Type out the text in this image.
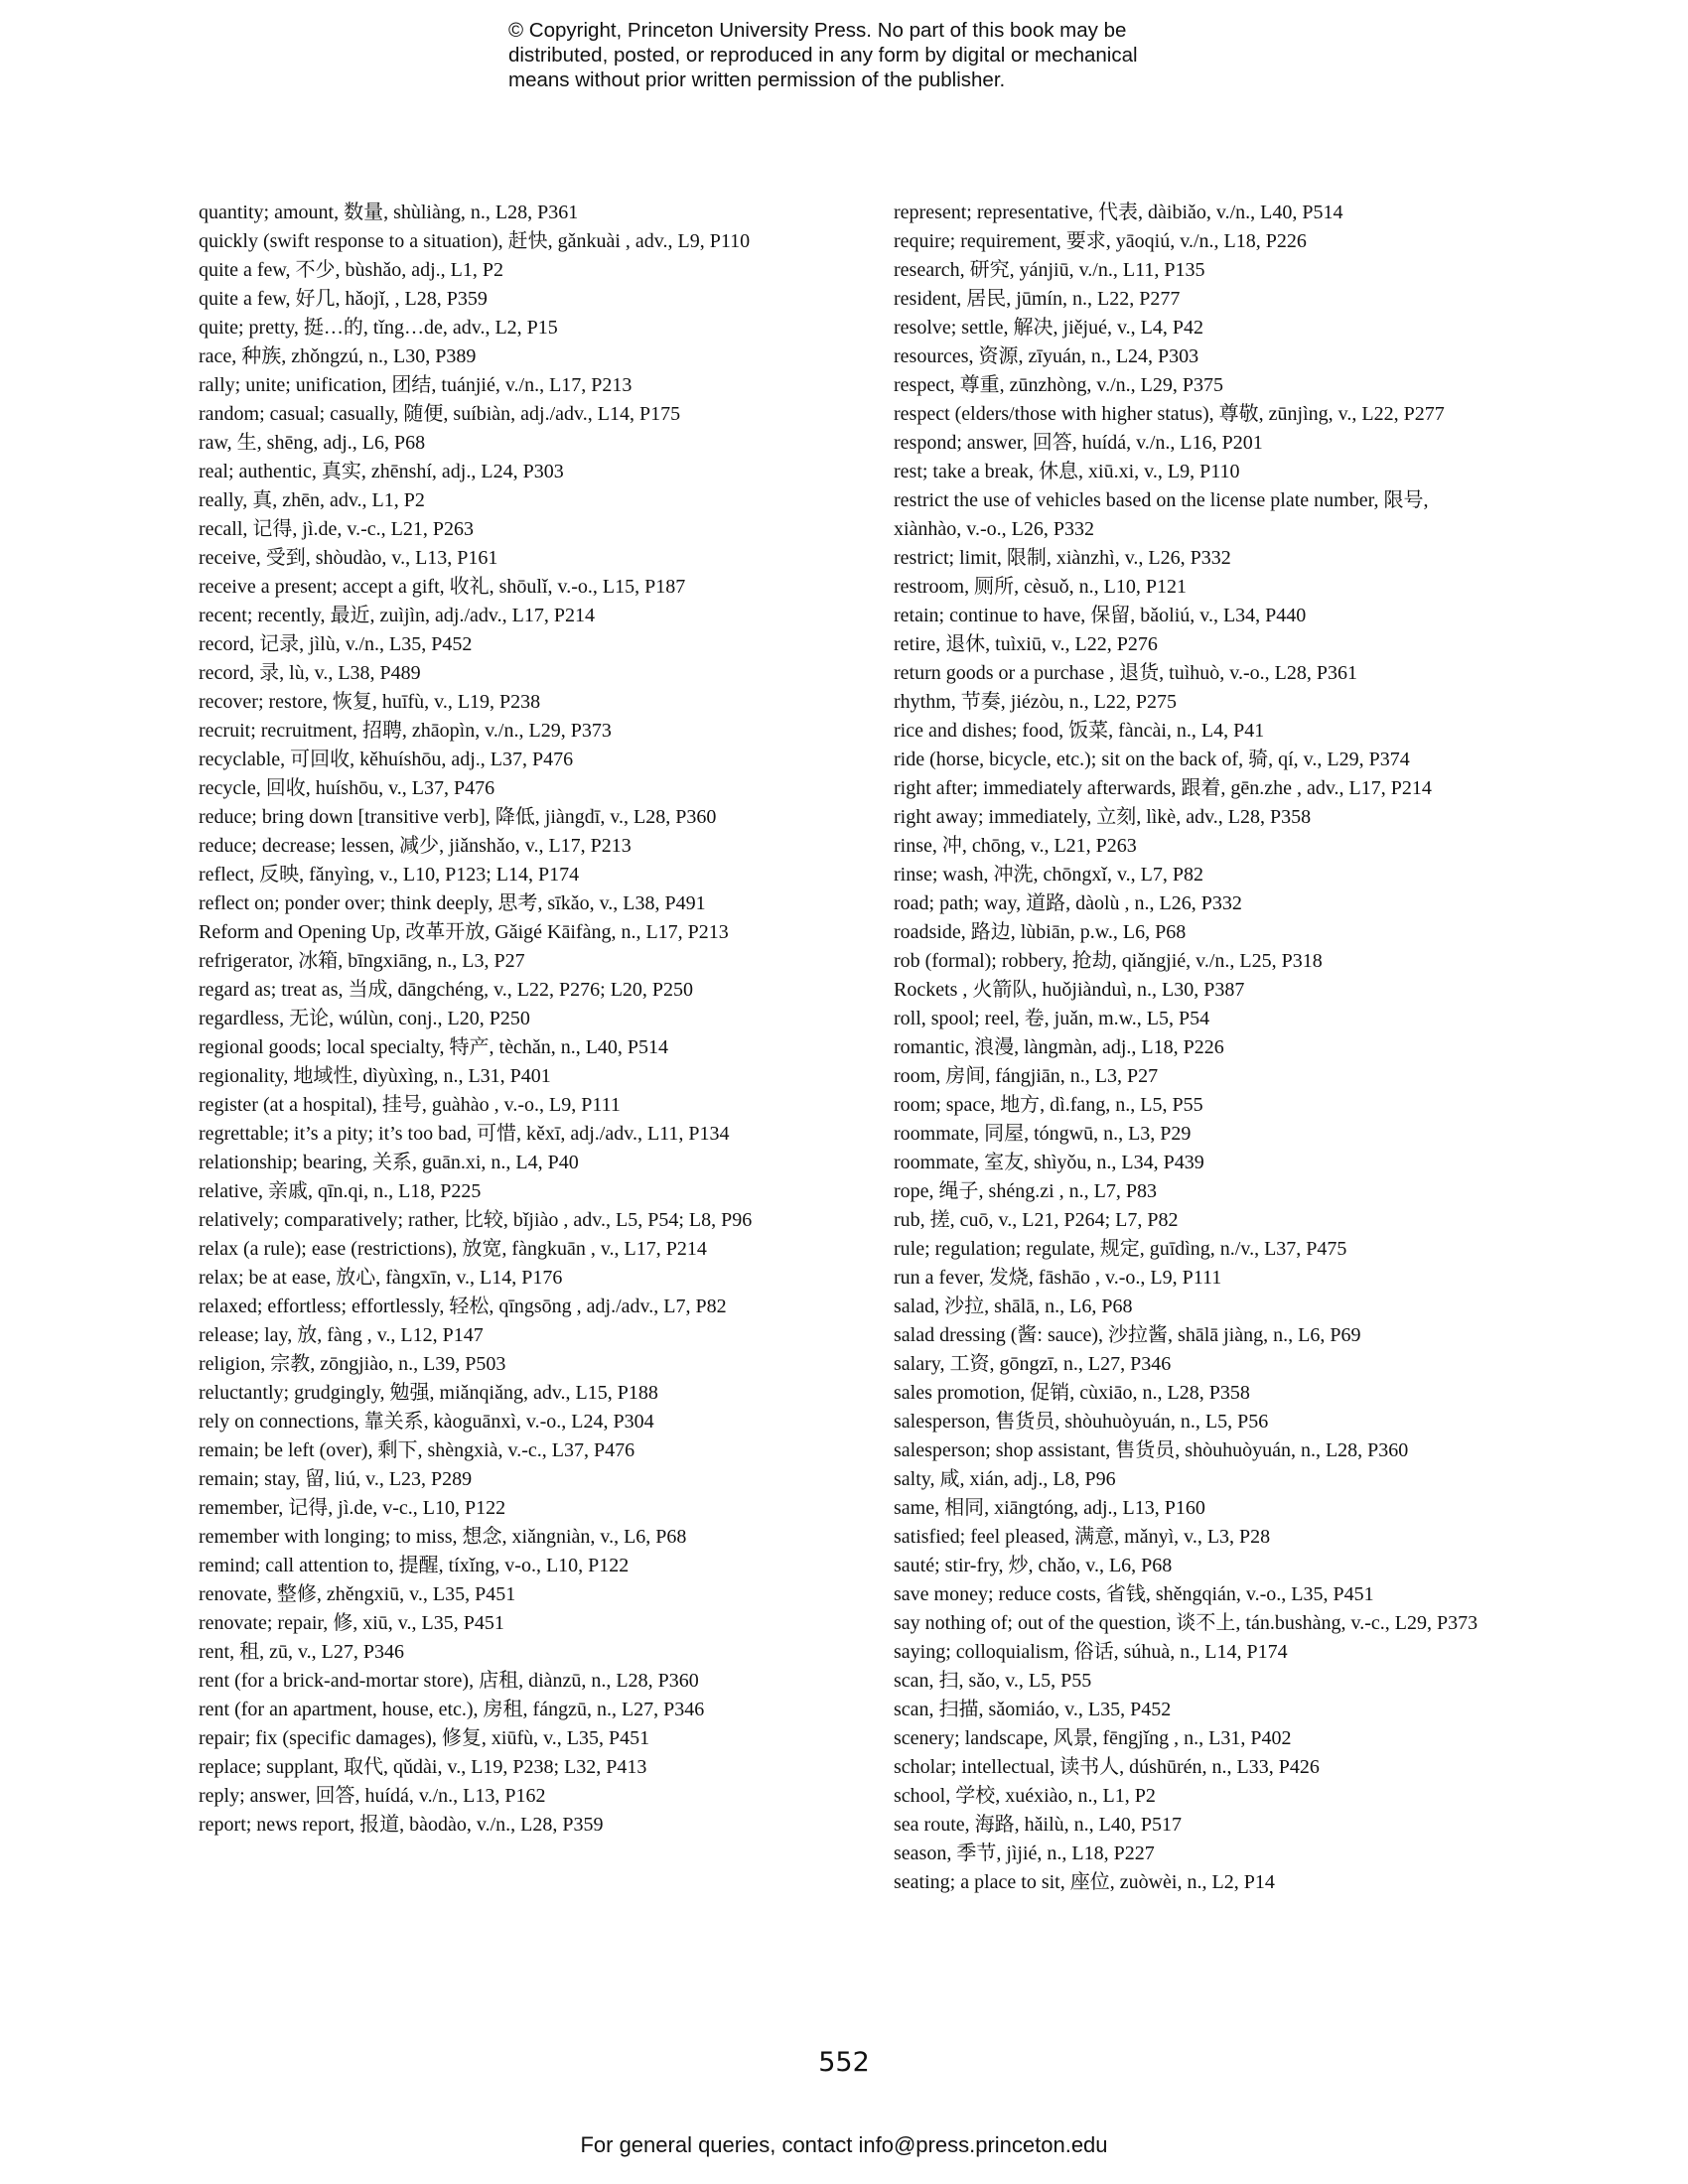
© Copyright, Princeton University Press. No part of this book may be
distributed, posted, or reproduced in any form by digital or mechanical
means without prior written permission of the publisher.

quantity; amount, 数量, shùliàng, n., L28, P361

quickly (swift response to a situation), 赶快, gǎnkuài , adv., L9, P110

quite a few, 不少, bùshǎo, adj., L1, P2

quite a few, 好几, hǎojǐ, , L28, P359

quite; pretty, 挺…的, tǐng…de, adv., L2, P15

race, 种族, zhǒngzú, n., L30, P389

rally; unite; unification, 团结, tuánjié, v./n., L17, P213

random; casual; casually, 随便, suíbiàn, adj./adv., L14, P175

raw, 生, shēng, adj., L6, P68

real; authentic, 真实, zhēnshí, adj., L24, P303

really, 真, zhēn, adv., L1, P2

recall, 记得, jì.de, v.-c., L21, P263

receive, 受到, shòudào, v., L13, P161

receive a present; accept a gift, 收礼, shōulǐ, v.-o., L15, P187

recent; recently, 最近, zuìjìn, adj./adv., L17, P214

record, 记录, jìlù, v./n., L35, P452

record, 录, lù, v., L38, P489

recover; restore, 恢复, huīfù, v., L19, P238

recruit; recruitment, 招聘, zhāopìn, v./n., L29, P373

recyclable, 可回收, kěhuíshōu, adj., L37, P476

recycle, 回收, huíshōu, v., L37, P476

reduce; bring down [transitive verb], 降低, jiàngdī, v., L28, P360

reduce; decrease; lessen, 减少, jiǎnshǎo, v., L17, P213

reflect, 反映, fǎnyìng, v., L10, P123; L14, P174

reflect on; ponder over; think deeply, 思考, sīkǎo, v., L38, P491

Reform and Opening Up, 改革开放, Gǎigé Kāifàng, n., L17, P213

refrigerator, 冰箱, bīngxiāng, n., L3, P27

regard as; treat as, 当成, dāngchéng, v., L22, P276; L20, P250

regardless, 无论, wúlùn, conj., L20, P250

regional goods; local specialty, 特产, tèchǎn, n., L40, P514

regionality, 地域性, dìyùxìng, n., L31, P401

register (at a hospital), 挂号, guàhào , v.-o., L9, P111

regrettable; it’s a pity; it’s too bad, 可惜, kěxī, adj./adv., L11, P134

relationship; bearing, 关系, guān.xi, n., L4, P40

relative, 亲戚, qīn.qi, n., L18, P225

relatively; comparatively; rather, 比较, bǐjiào , adv., L5, P54; L8, P96

relax (a rule); ease (restrictions), 放宽, fàngkuān , v., L17, P214

relax; be at ease, 放心, fàngxīn, v., L14, P176

relaxed; effortless; effortlessly, 轻松, qīngsōng , adj./adv., L7, P82

release; lay, 放, fàng , v., L12, P147

religion, 宗教, zōngjiào, n., L39, P503

reluctantly; grudgingly, 勉强, miǎnqiǎng, adv., L15, P188

rely on connections, 靠关系, kàoguānxì, v.-o., L24, P304

remain; be left (over), 剩下, shèngxià, v.-c., L37, P476

remain; stay, 留, liú, v., L23, P289

remember, 记得, jì.de, v-c., L10, P122

remember with longing; to miss, 想念, xiǎngniàn, v., L6, P68

remind; call attention to, 提醒, tíxǐng, v-o., L10, P122

renovate, 整修, zhěngxiū, v., L35, P451

renovate; repair, 修, xiū, v., L35, P451

rent, 租, zū, v., L27, P346

rent (for a brick-and-mortar store), 店租, diànzū, n., L28, P360

rent (for an apartment, house, etc.), 房租, fángzū, n., L27, P346

repair; fix (specific damages), 修复, xiūfù, v., L35, P451

replace; supplant, 取代, qǔdài, v., L19, P238; L32, P413

reply; answer, 回答, huídá, v./n., L13, P162

report; news report, 报道, bàodào, v./n., L28, P359

represent; representative, 代表, dàibiǎo, v./n., L40, P514

require; requirement, 要求, yāoqiú, v./n., L18, P226

research, 研究, yánjiū, v./n., L11, P135

resident, 居民, jūmín, n., L22, P277

resolve; settle, 解决, jiějué, v., L4, P42

resources, 资源, zīyuán, n., L24, P303

respect, 尊重, zūnzhòng, v./n., L29, P375

respect (elders/those with higher status), 尊敬, zūnjìng, v., L22, P277

respond; answer, 回答, huídá, v./n., L16, P201

rest; take a break, 休息, xiū.xi, v., L9, P110

restrict the use of vehicles based on the license plate number, 限号, xiànhào, v.-o., L26, P332

restrict; limit, 限制, xiànzhì, v., L26, P332

restroom, 厕所, cèsuǒ, n., L10, P121

retain; continue to have, 保留, bǎoliú, v., L34, P440

retire, 退休, tuìxiū, v., L22, P276

return goods or a purchase , 退货, tuìhuò, v.-o., L28, P361

rhythm, 节奏, jiézòu, n., L22, P275

rice and dishes; food, 饭菜, fàncài, n., L4, P41

ride (horse, bicycle, etc.); sit on the back of, 骑, qí, v., L29, P374

right after; immediately afterwards, 跟着, gēn.zhe , adv., L17, P214

right away; immediately, 立刻, lìkè, adv., L28, P358

rinse, 冲, chōng, v., L21, P263

rinse; wash, 冲洗, chōngxǐ, v., L7, P82

road; path; way, 道路, dàolù , n., L26, P332

roadside, 路边, lùbiān, p.w., L6, P68

rob (formal); robbery, 抢劫, qiǎngjié, v./n., L25, P318

Rockets , 火箭队, huǒjiànduì, n., L30, P387

roll, spool; reel, 卷, juǎn, m.w., L5, P54

romantic, 浪漫, làngmàn, adj., L18, P226

room, 房间, fángjiān, n., L3, P27

room; space, 地方, dì.fang, n., L5, P55

roommate, 同屋, tóngwū, n., L3, P29

roommate, 室友, shìyǒu, n., L34, P439

rope, 绳子, shéng.zi , n., L7, P83

rub, 搓, cuō, v., L21, P264; L7, P82

rule; regulation; regulate, 规定, guīdìng, n./v., L37, P475

run a fever, 发烧, fāshāo , v.-o., L9, P111

salad, 沙拉, shālā, n., L6, P68

salad dressing (酱: sauce), 沙拉酱, shālā jiàng, n., L6, P69

salary, 工资, gōngzī, n., L27, P346

sales promotion, 促销, cùxiāo, n., L28, P358

salesperson, 售货员, shòuhuòyuán, n., L5, P56

salesperson; shop assistant, 售货员, shòuhuòyuán, n., L28, P360

salty, 咸, xián, adj., L8, P96

same, 相同, xiāngtóng, adj., L13, P160

satisfied; feel pleased, 满意, mǎnyì, v., L3, P28

sauté; stir-fry, 炒, chǎo, v., L6, P68

save money; reduce costs, 省钱, shěngqián, v.-o., L35, P451

say nothing of; out of the question, 谈不上, tán.bushàng, v.-c., L29, P373

saying; colloquialism, 俗话, súhuà, n., L14, P174

scan, 扫, sǎo, v., L5, P55

scan, 扫描, sǎomiáo, v., L35, P452

scenery; landscape, 风景, fēngjǐng , n., L31, P402

scholar; intellectual, 读书人, dúshūrén, n., L33, P426

school, 学校, xuéxiào, n., L1, P2

sea route, 海路, hǎilù, n., L40, P517

season, 季节, jìjié, n., L18, P227

seating; a place to sit, 座位, zuòwèi, n., L2, P14

552
For general queries, contact info@press.princeton.edu
